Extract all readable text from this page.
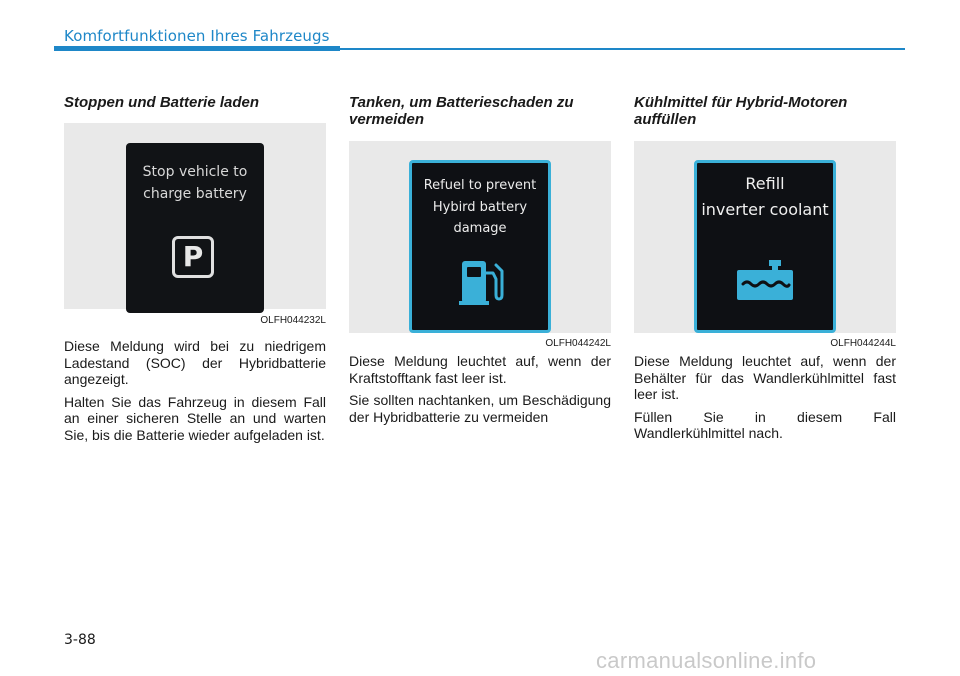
Komfortfunktionen Ihres Fahrzeugs
Stoppen und Batterie laden
Stop vehicle to
charge battery
P
OLFH044232L

Diese Meldung wird bei zu niedrigem Ladestand (SOC) der Hybridbatterie angezeigt.

Halten Sie das Fahrzeug in diesem Fall an einer sicheren Stelle an und warten Sie, bis die Batterie wieder aufgeladen ist.

Tanken, um Batterieschaden zu vermeiden
Refuel to prevent
Hybird battery
damage
OLFH044242L

Diese Meldung leuchtet auf, wenn der Kraftstofftank fast leer ist.

Sie sollten nachtanken, um Beschädigung der Hybridbatterie zu vermeiden

Kühlmittel für Hybrid-Motoren auffüllen
Refill
inverter coolant
OLFH044244L

Diese Meldung leuchtet auf, wenn der Behälter für das Wandlerkühlmittel fast leer ist.

Füllen Sie in diesem Fall Wandlerkühlmittel nach.

3-88
carmanualsonline.info
